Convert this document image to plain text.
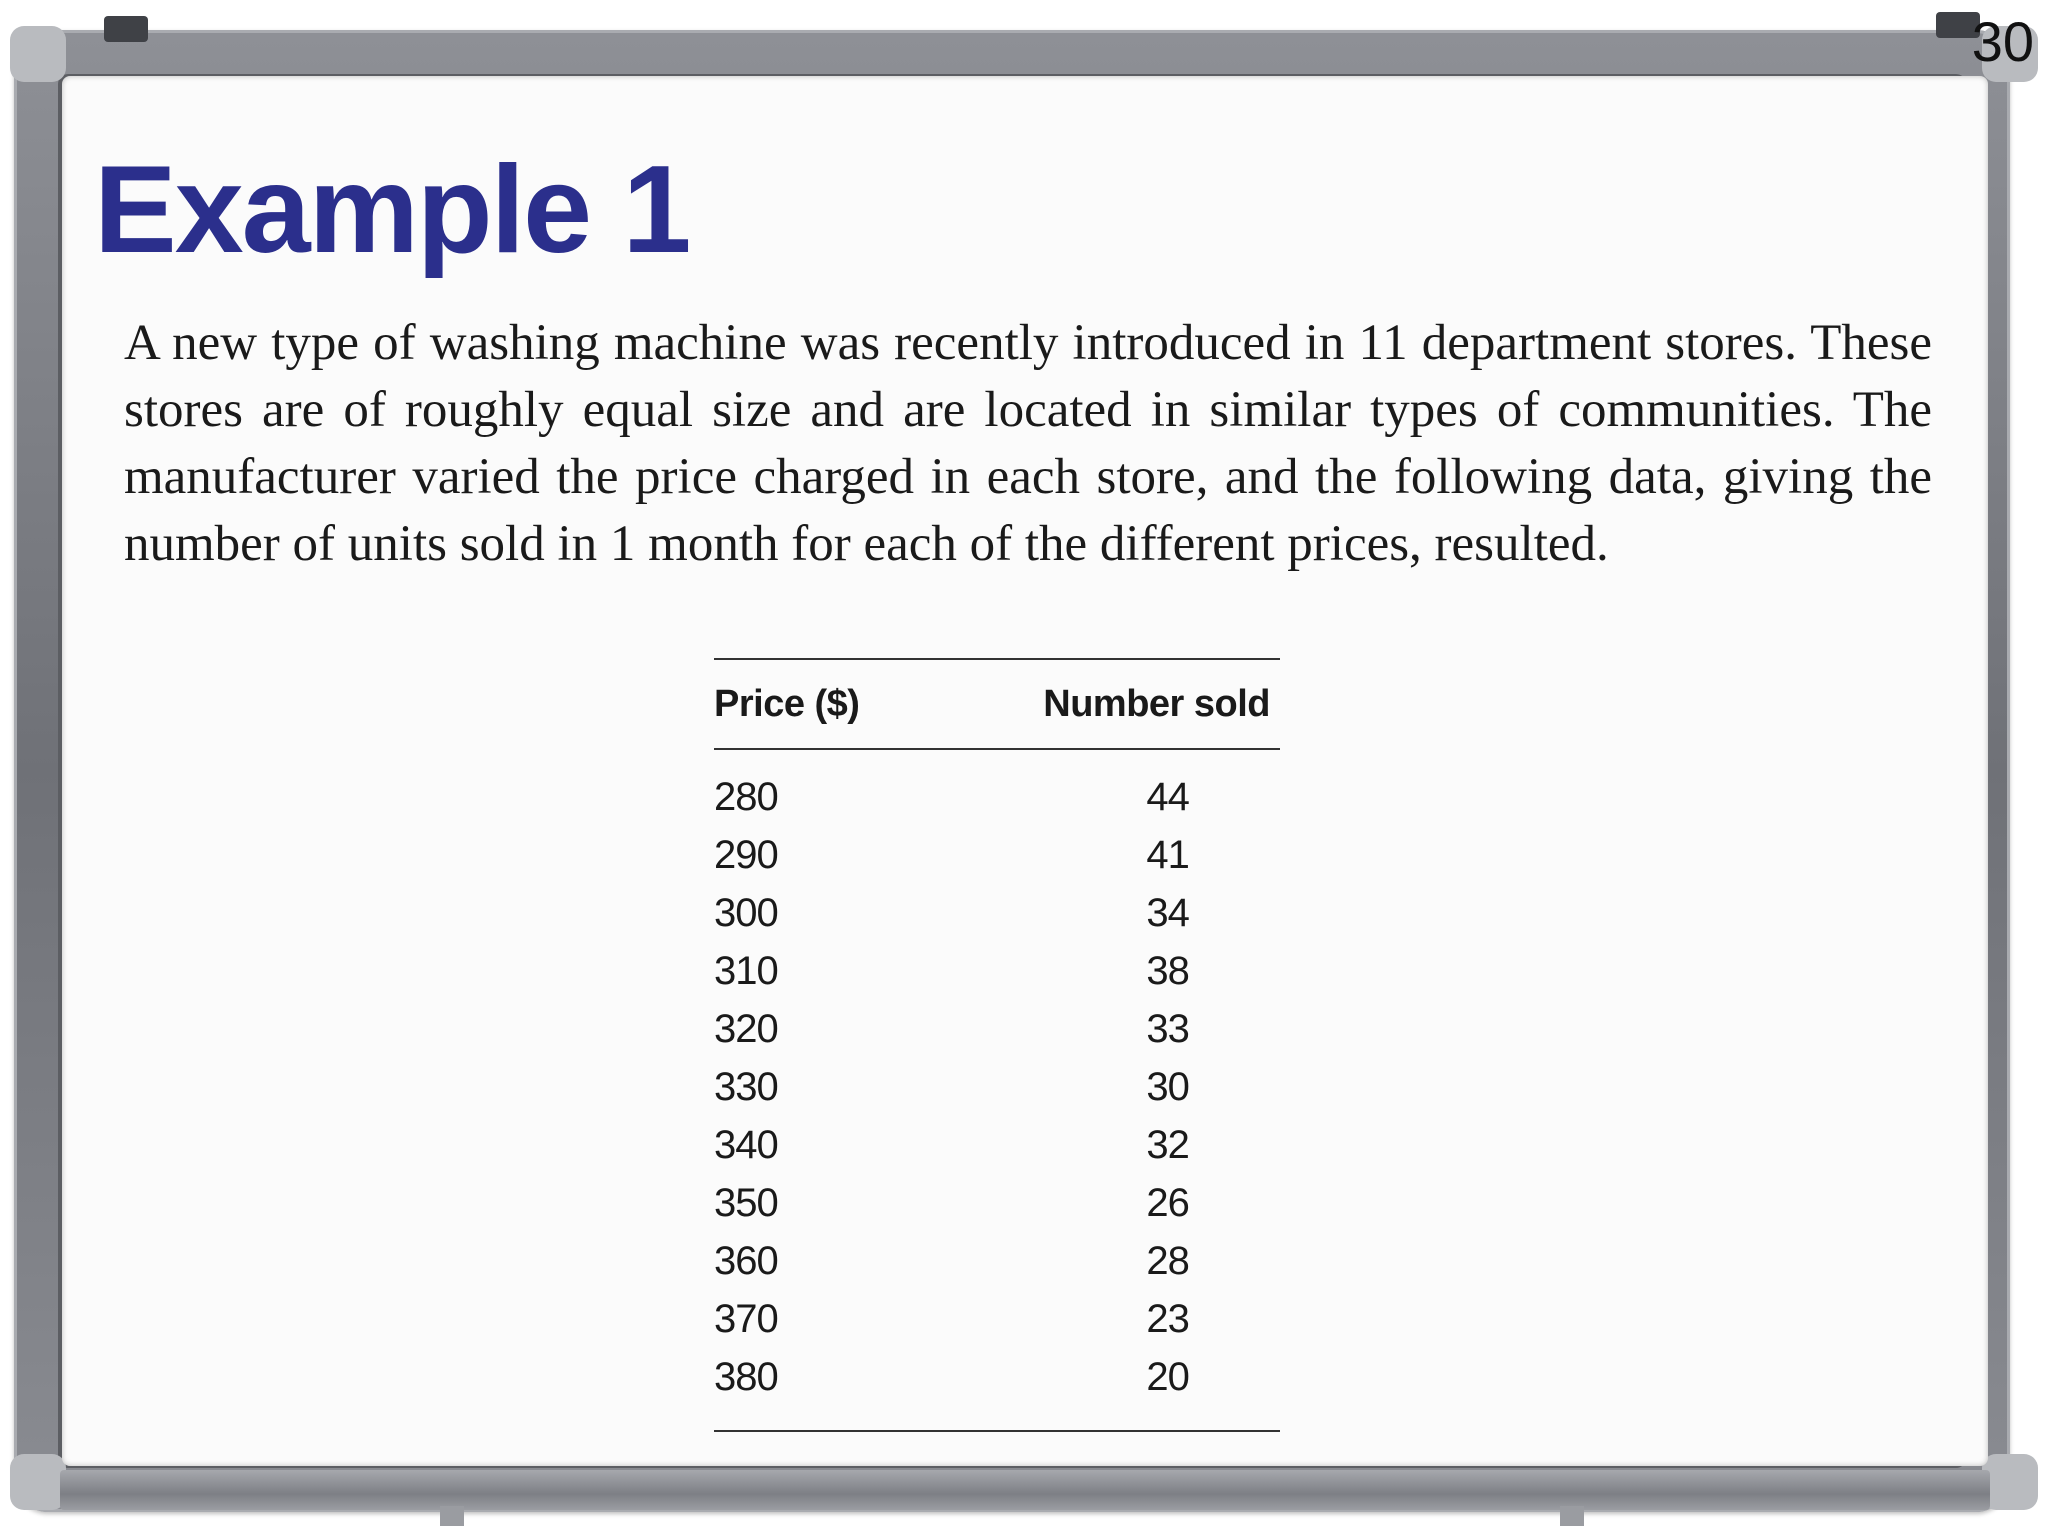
30
Example 1

A new type of washing machine was recently introduced in 11 department stores. These stores are of roughly equal size and are located in similar types of communities. The manufacturer varied the price charged in each store, and the following data, giving the number of units sold in 1 month for each of the different prices, resulted.

Price ($)	Number sold
280	44
290	41
300	34
310	38
320	33
330	30
340	32
350	26
360	28
370	23
380	20
